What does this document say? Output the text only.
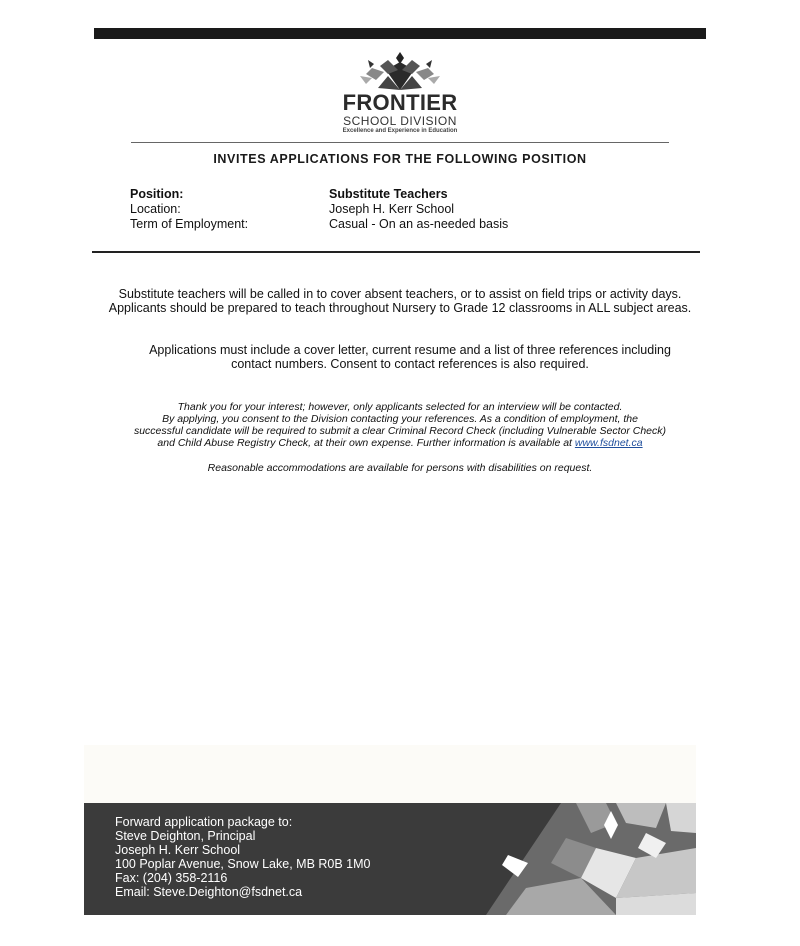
FRONTIER
SCHOOL DIVISION
Excellence and Experience in Education
INVITES APPLICATIONS FOR THE FOLLOWING POSITION
Position:	Substitute Teachers
Location:	Joseph H. Kerr School
Term of Employment:	Casual - On an as-needed basis
Substitute teachers will be called in to cover absent teachers, or to assist on field trips or activity days. Applicants should be prepared to teach throughout Nursery to Grade 12 classrooms in ALL subject areas.
Applications must include a cover letter, current resume and a list of three references including contact numbers. Consent to contact references is also required.
Thank you for your interest; however, only applicants selected for an interview will be contacted.
By applying, you consent to the Division contacting your references. As a condition of employment, the
successful candidate will be required to submit a clear Criminal Record Check (including Vulnerable Sector Check)
and Child Abuse Registry Check, at their own expense. Further information is available at www.fsdnet.ca
Reasonable accommodations are available for persons with disabilities on request.
Forward application package to:
Steve Deighton, Principal
Joseph H. Kerr School
100 Poplar Avenue, Snow Lake, MB R0B 1M0
Fax: (204) 358-2116
Email: Steve.Deighton@fsdnet.ca
